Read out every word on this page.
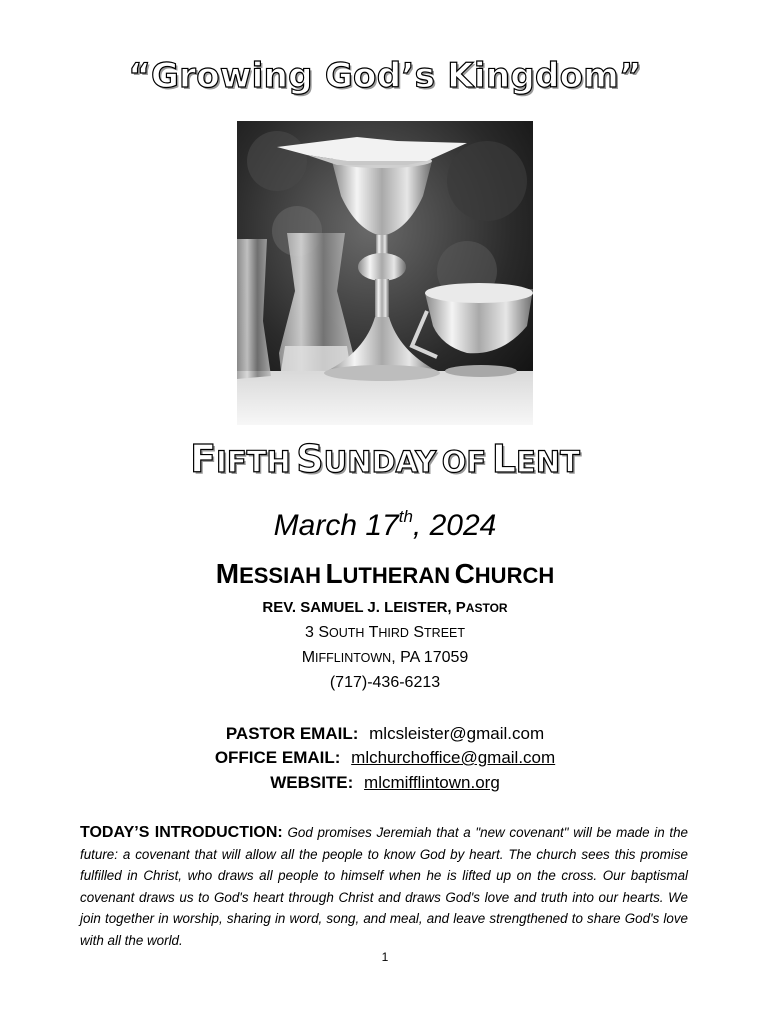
“Growing God’s Kingdom”
FIFTH SUNDAY OF LENT
March 17th, 2024
MESSIAH LUTHERAN CHURCH
REV. SAMUEL J. LEISTER, PASTOR
3 SOUTH THIRD STREET
MIFFLINTOWN, PA 17059
(717)-436-6213
PASTOR EMAIL: mlcsleister@gmail.com
OFFICE EMAIL: mlchurchoffice@gmail.com
WEBSITE: mlcmifflintown.org
TODAY’S INTRODUCTION: God promises Jeremiah that a "new covenant" will be made in the future: a covenant that will allow all the people to know God by heart. The church sees this promise fulfilled in Christ, who draws all people to himself when he is lifted up on the cross. Our baptismal covenant draws us to God's heart through Christ and draws God's love and truth into our hearts. We join together in worship, sharing in word, song, and meal, and leave strengthened to share God's love with all the world.
1
